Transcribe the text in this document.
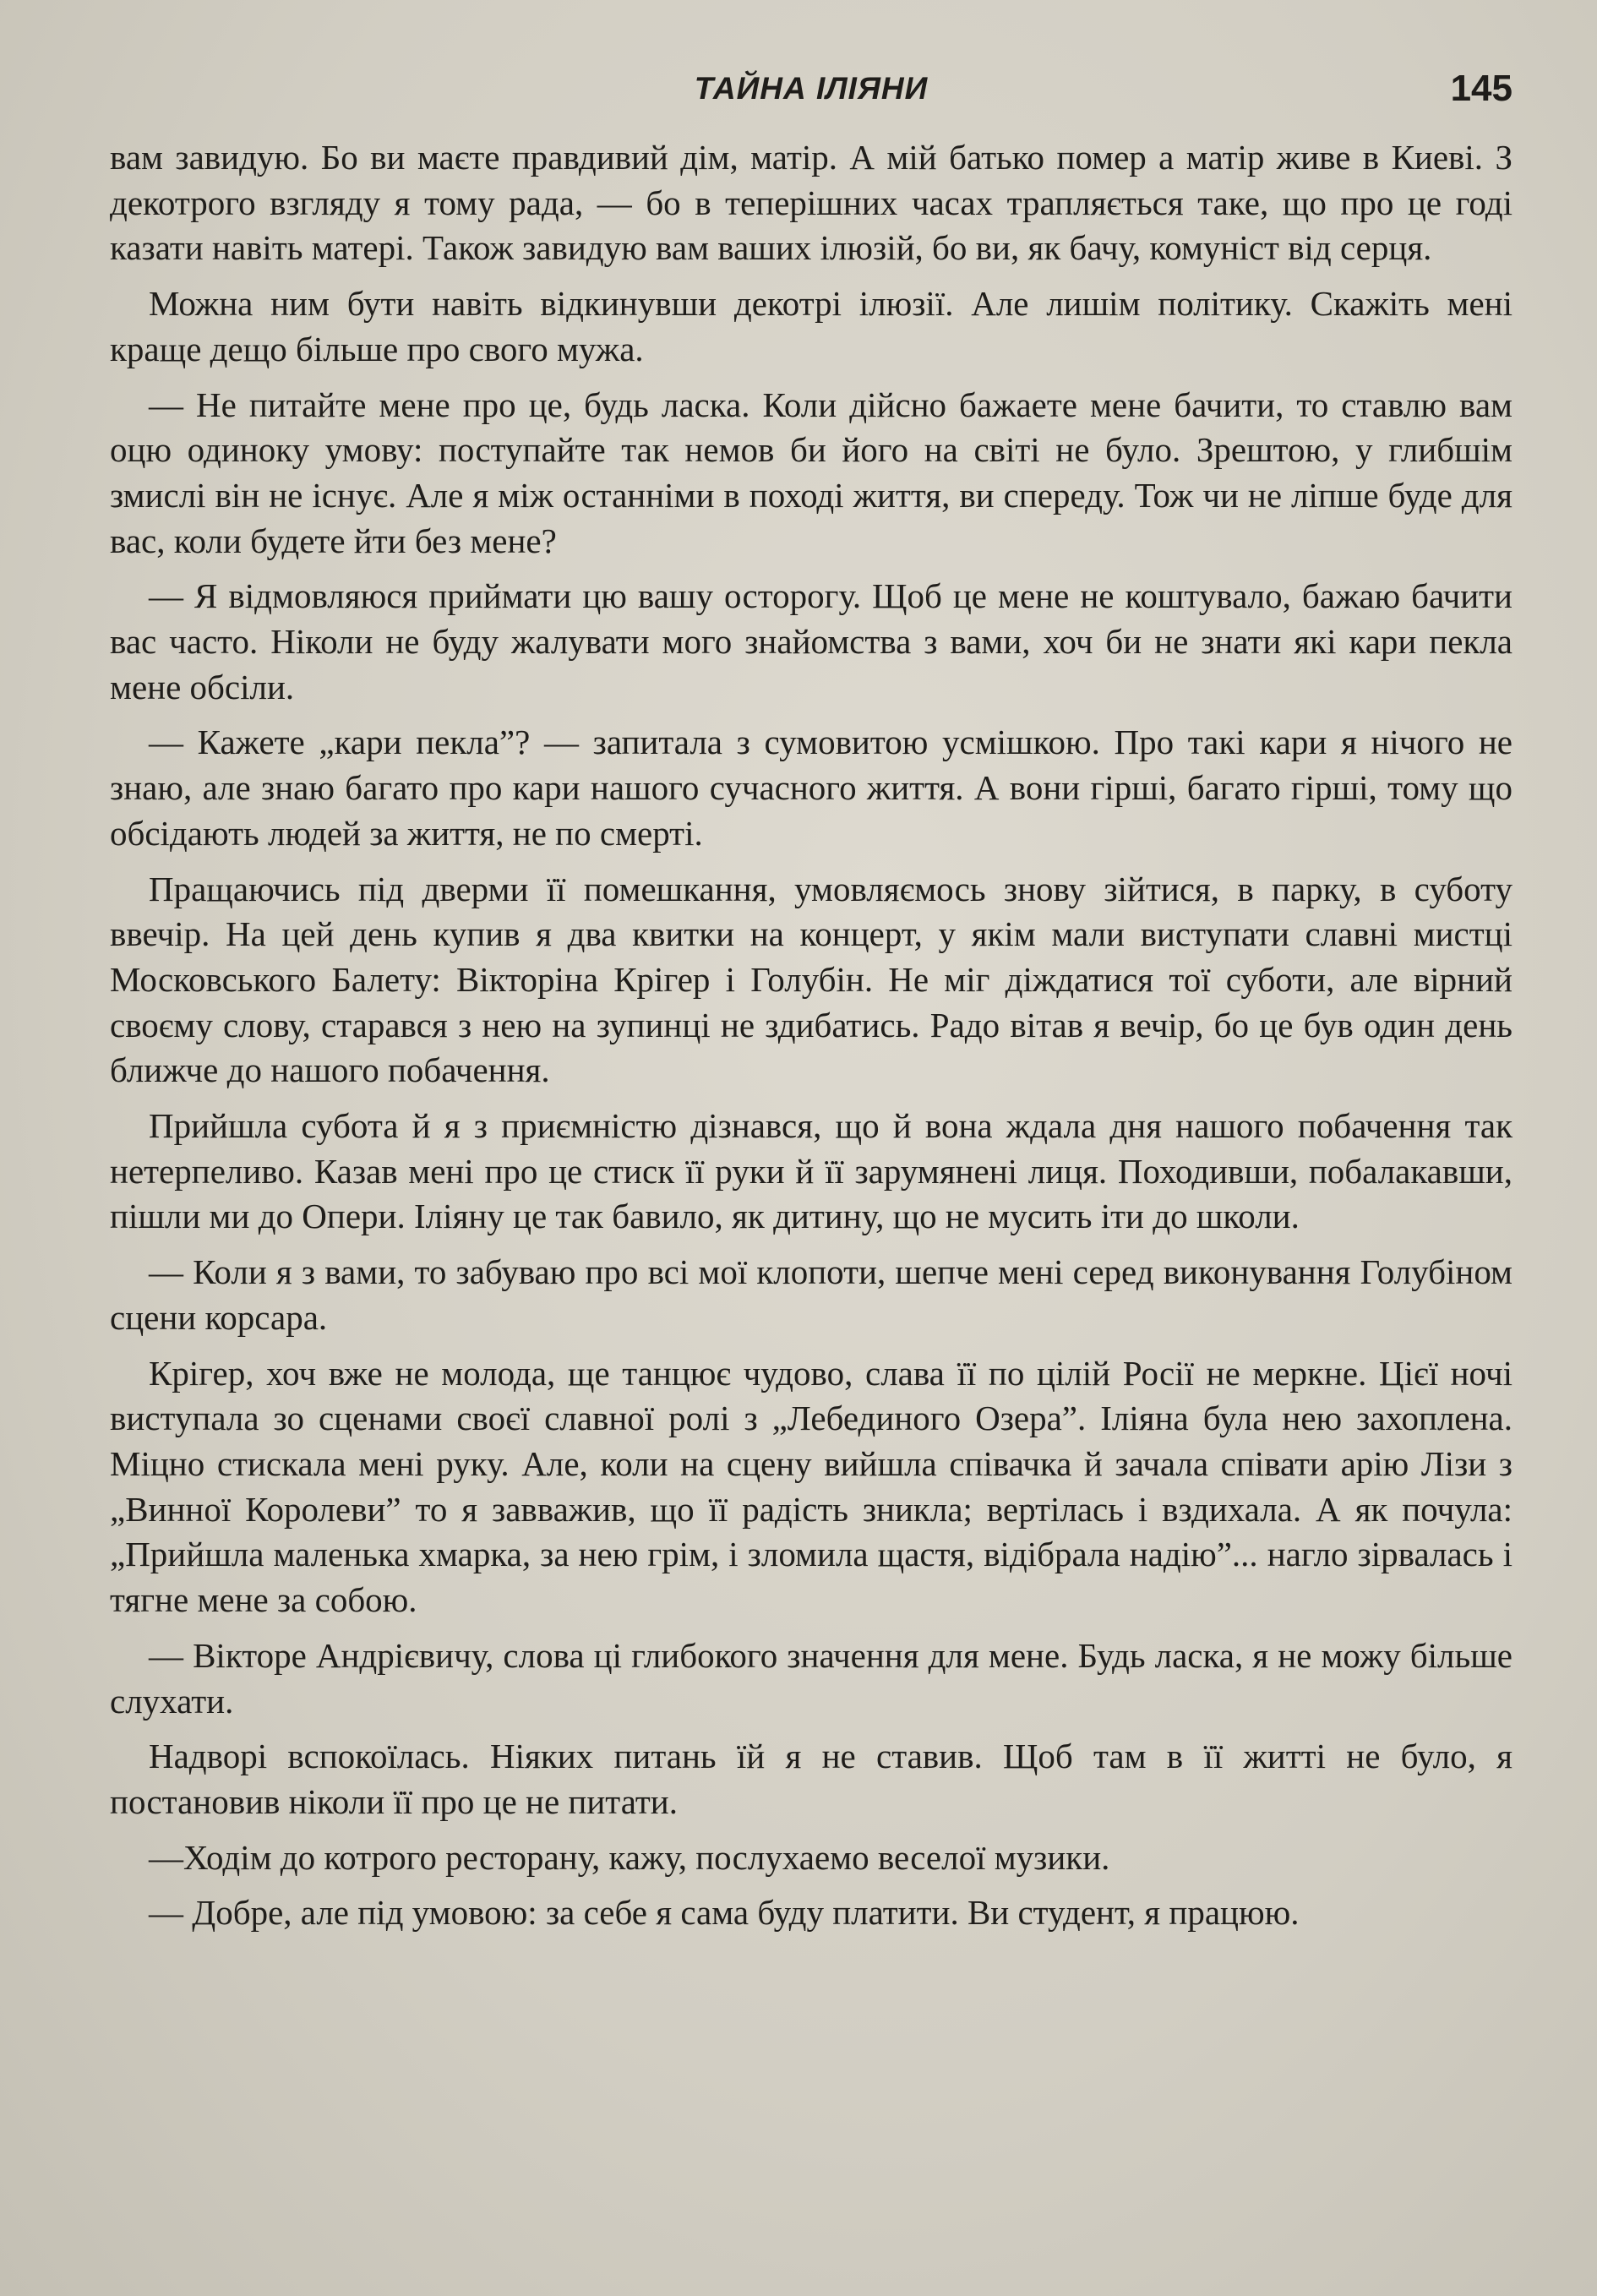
ТАЙНА ІЛІЯНИ	145

вам завидую. Бо ви маєте правдивий дім, матір. А мій батько помер а матір живе в Киеві. З декотрого взгляду я тому рада, — бо в теперішних часах трапляється таке, що про це годі казати навіть матері. Також завидую вам ваших ілюзій, бо ви, як бачу, комуніст від серця.

Можна ним бути навіть відкинувши декотрі ілюзії. Але лишім політику. Скажіть мені краще дещо більше про свого мужа.

— Не питайте мене про це, будь ласка. Коли дійсно бажаете мене бачити, то ставлю вам оцю одиноку умову: поступайте так немов би його на світі не було. Зрештою, у глибшім змислі він не існує. Але я між останніми в поході життя, ви спереду. Тож чи не ліпше буде для вас, коли будете йти без мене?

— Я відмовляюся приймати цю вашу осторогу. Щоб це мене не коштувало, бажаю бачити вас часто. Ніколи не буду жалувати мого знайомства з вами, хоч би не знати які кари пекла мене обсіли.

— Кажете „кари пекла”? — запитала з сумовитою усмішкою. Про такі кари я нічого не знаю, але знаю багато про кари нашого сучасного життя. А вони гірші, багато гірші, тому що обсідають людей за життя, не по смерті.

Пращаючись під дверми її помешкання, умовляємось знову зійтися, в парку, в суботу ввечір. На цей день купив я два квитки на концерт, у якім мали виступати славні мистці Московського Балету: Вікторіна Крігер і Голубін. Не міг діждатися тої суботи, але вірний своєму слову, старався з нею на зупинці не здибатись. Радо вітав я вечір, бо це був один день ближче до нашого побачення.

Прийшла субота й я з приємністю дізнався, що й вона ждала дня нашого побачення так нетерпеливо. Казав мені про це стиск її руки й її зарумянені лиця. Походивши, побалакавши, пішли ми до Опери. Іліяну це так бавило, як дитину, що не мусить іти до школи.

— Коли я з вами, то забуваю про всі мої клопоти, шепче мені серед виконування Голубіном сцени корсара.

Крігер, хоч вже не молода, ще танцює чудово, слава її по цілій Росії не меркне. Цієї ночі виступала зо сценами своєї славної ролі з „Лебединого Озера”. Іліяна була нею захоплена. Міцно стискала мені руку. Але, коли на сцену вийшла співачка й зачала співати арію Лізи з „Винної Королеви” то я завважив, що її радість зникла; вертілась і вздихала. А як почула: „Прийшла маленька хмарка, за нею грім, і зломила щастя, відібрала надію”... нагло зірвалась і тягне мене за собою.

— Вікторе Андрієвичу, слова ці глибокого значення для мене. Будь ласка, я не можу більше слухати.

Надворі вспокоїлась. Ніяких питань їй я не ставив. Щоб там в її житті не було, я постановив ніколи її про це не питати.

—Ходім до котрого ресторану, кажу, послухаемо веселої музики.

— Добре, але під умовою: за себе я сама буду платити. Ви студент, я працюю.
